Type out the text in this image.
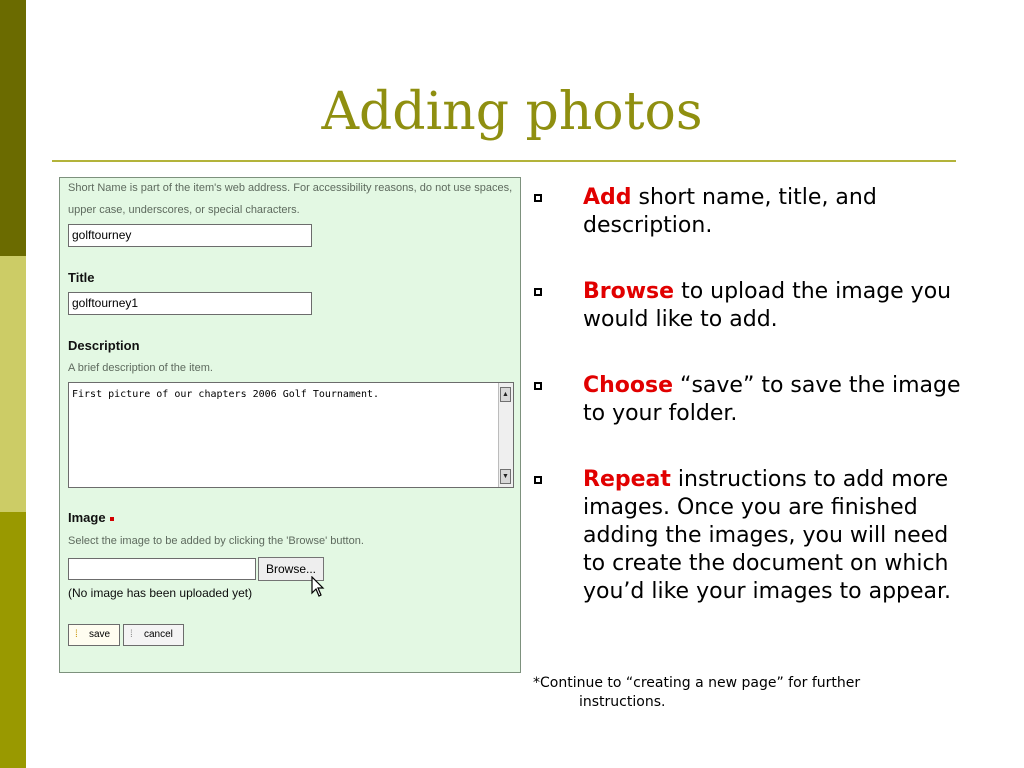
Adding photos
Short Name is part of the item's web address. For accessibility reasons, do not use spaces,
upper case, underscores, or special characters.
golftourney
Title
golftourney1
Description
A brief description of the item.
First picture of our chapters 2006 Golf Tournament.	▲
▼
Image
Select the image to be added by clicking the 'Browse' button.
Browse...
(No image has been uploaded yet)
⁞ save	⁞ cancel
Add short name, title, and description.
Browse to upload the image you would like to add.
Choose “save” to save the image to your folder.
Repeat instructions to add more images. Once you are finished adding the images, you will need to create the document on which you’d like your images to appear.
*Continue to “creating a new page” for further
instructions.
